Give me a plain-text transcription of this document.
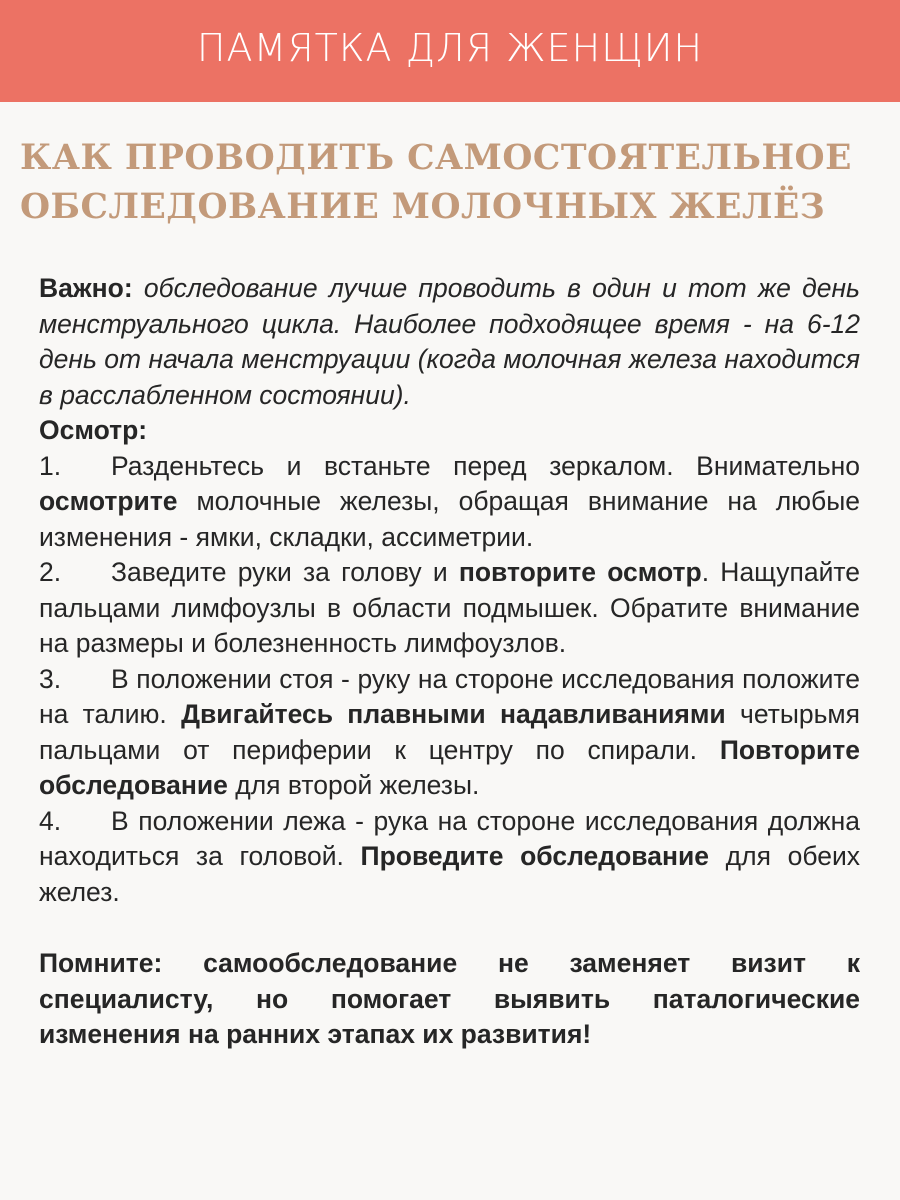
ПАМЯТКА ДЛЯ ЖЕНЩИН
КАК ПРОВОДИТЬ САМОСТОЯТЕЛЬНОЕ
ОБСЛЕДОВАНИЕ МОЛОЧНЫХ ЖЕЛЁЗ

Важно: обследование лучше проводить в один и тот же день менструального цикла. Наиболее подходящее время - на 6-12 день от начала менструации (когда молочная железа находится в расслабленном состоянии).

Осмотр:

1. Разденьтесь и встаньте перед зеркалом. Внимательно осмотрите молочные железы, обращая внимание на любые изменения - ямки, складки, ассиметрии.

2. Заведите руки за голову и повторите осмотр. Нащупайте пальцами лимфоузлы в области подмышек. Обратите внимание на размеры и болезненность лимфоузлов.

3. В положении стоя - руку на стороне исследования положите на талию. Двигайтесь плавными надавливаниями четырьмя пальцами от периферии к центру по спирали. Повторите обследование для второй железы.

4. В положении лежа - рука на стороне исследования должна находиться за головой. Проведите обследование для обеих желез.

Помните: самообследование не заменяет визит к специалисту, но помогает выявить паталогические изменения на ранних этапах их развития!
